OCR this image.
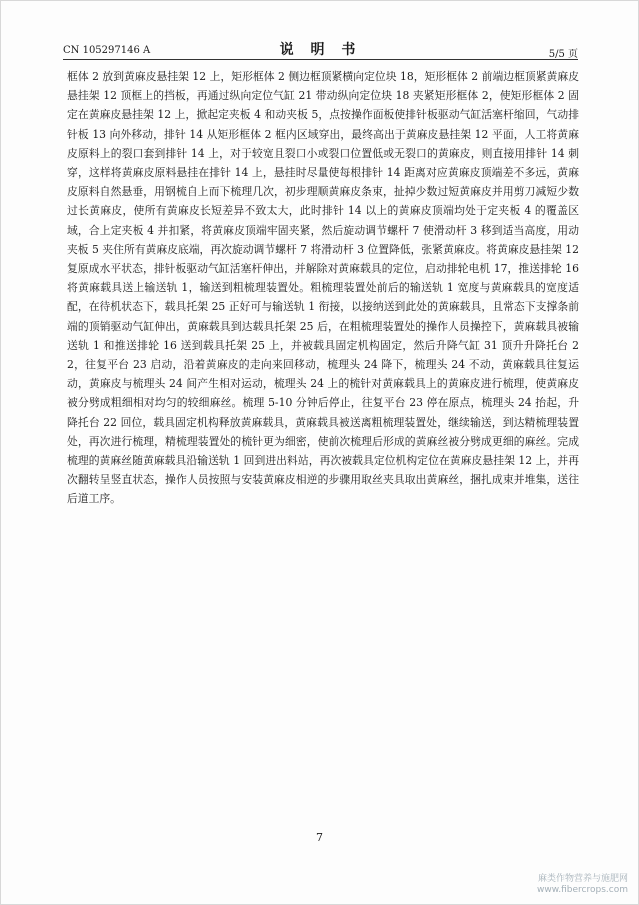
CN 105297146 A	说 明 书	5/5 页
框体 2 放到黄麻皮悬挂架 12 上，矩形框体 2 侧边框顶紧横向定位块 18，矩形框体 2 前端边框顶紧黄麻皮悬挂架 12 顶框上的挡板，再通过纵向定位气缸 21 带动纵向定位块 18 夹紧矩形框体 2，使矩形框体 2 固定在黄麻皮悬挂架 12 上，掀起定夹板 4 和动夹板 5，点按操作面板使排针板驱动气缸活塞杆缩回，气动排针板 13 向外移动，排针 14 从矩形框体 2 框内区域穿出，最终高出于黄麻皮悬挂架 12 平面，人工将黄麻皮原料上的裂口套到排针 14 上，对于较宽且裂口小或裂口位置低或无裂口的黄麻皮，则直接用排针 14 刺穿，这样将黄麻皮原料悬挂在排针 14 上，悬挂时尽量使每根排针 14 距离对应黄麻皮顶端差不多远，黄麻皮原料自然悬垂，用钢梳自上而下梳理几次，初步理顺黄麻皮条束，扯掉少数过短黄麻皮并用剪刀减短少数过长黄麻皮，使所有黄麻皮长短差异不致太大，此时排针 14 以上的黄麻皮顶端均处于定夹板 4 的覆盖区域，合上定夹板 4 并扣紧，将黄麻皮顶端牢固夹紧，然后旋动调节螺杆 7 使滑动杆 3 移到适当高度，用动夹板 5 夹住所有黄麻皮底端，再次旋动调节螺杆 7 将滑动杆 3 位置降低，张紧黄麻皮。将黄麻皮悬挂架 12 复原成水平状态，排针板驱动气缸活塞杆伸出，并解除对黄麻载具的定位，启动排轮电机 17，推送排轮 16 将黄麻载具送上输送轨 1，输送到粗梳理装置处。粗梳理装置处前后的输送轨 1 宽度与黄麻载具的宽度适配，在待机状态下，载具托架 25 正好可与输送轨 1 衔接，以接纳送到此处的黄麻载具，且常态下支撑条前端的顶销驱动气缸伸出，黄麻载具到达载具托架 25 后，在粗梳理装置处的操作人员操控下，黄麻载具被输送轨 1 和推送排轮 16 送到载具托架 25 上，并被载具固定机构固定，然后升降气缸 31 顶升升降托台 22，往复平台 23 启动，沿着黄麻皮的走向来回移动，梳理头 24 降下，梳理头 24 不动，黄麻载具往复运动，黄麻皮与梳理头 24 间产生相对运动，梳理头 24 上的梳针对黄麻载具上的黄麻皮进行梳理，使黄麻皮被分劈成粗细相对均匀的较细麻丝。梳理 5-10 分钟后停止，往复平台 23 停在原点，梳理头 24 抬起，升降托台 22 回位，载具固定机构释放黄麻载具，黄麻载具被送离粗梳理装置处，继续输送，到达精梳理装置处，再次进行梳理，精梳理装置处的梳针更为细密，使前次梳理后形成的黄麻丝被分劈成更细的麻丝。完成梳理的黄麻丝随黄麻载具沿输送轨 1 回到进出料站，再次被载具定位机构定位在黄麻皮悬挂架 12 上，并再次翻转呈竖直状态，操作人员按照与安装黄麻皮相逆的步骤用取丝夹具取出黄麻丝，捆扎成束并堆集，送往后道工序。
7
麻类作物营养与施肥网
www.fibercrops.com
